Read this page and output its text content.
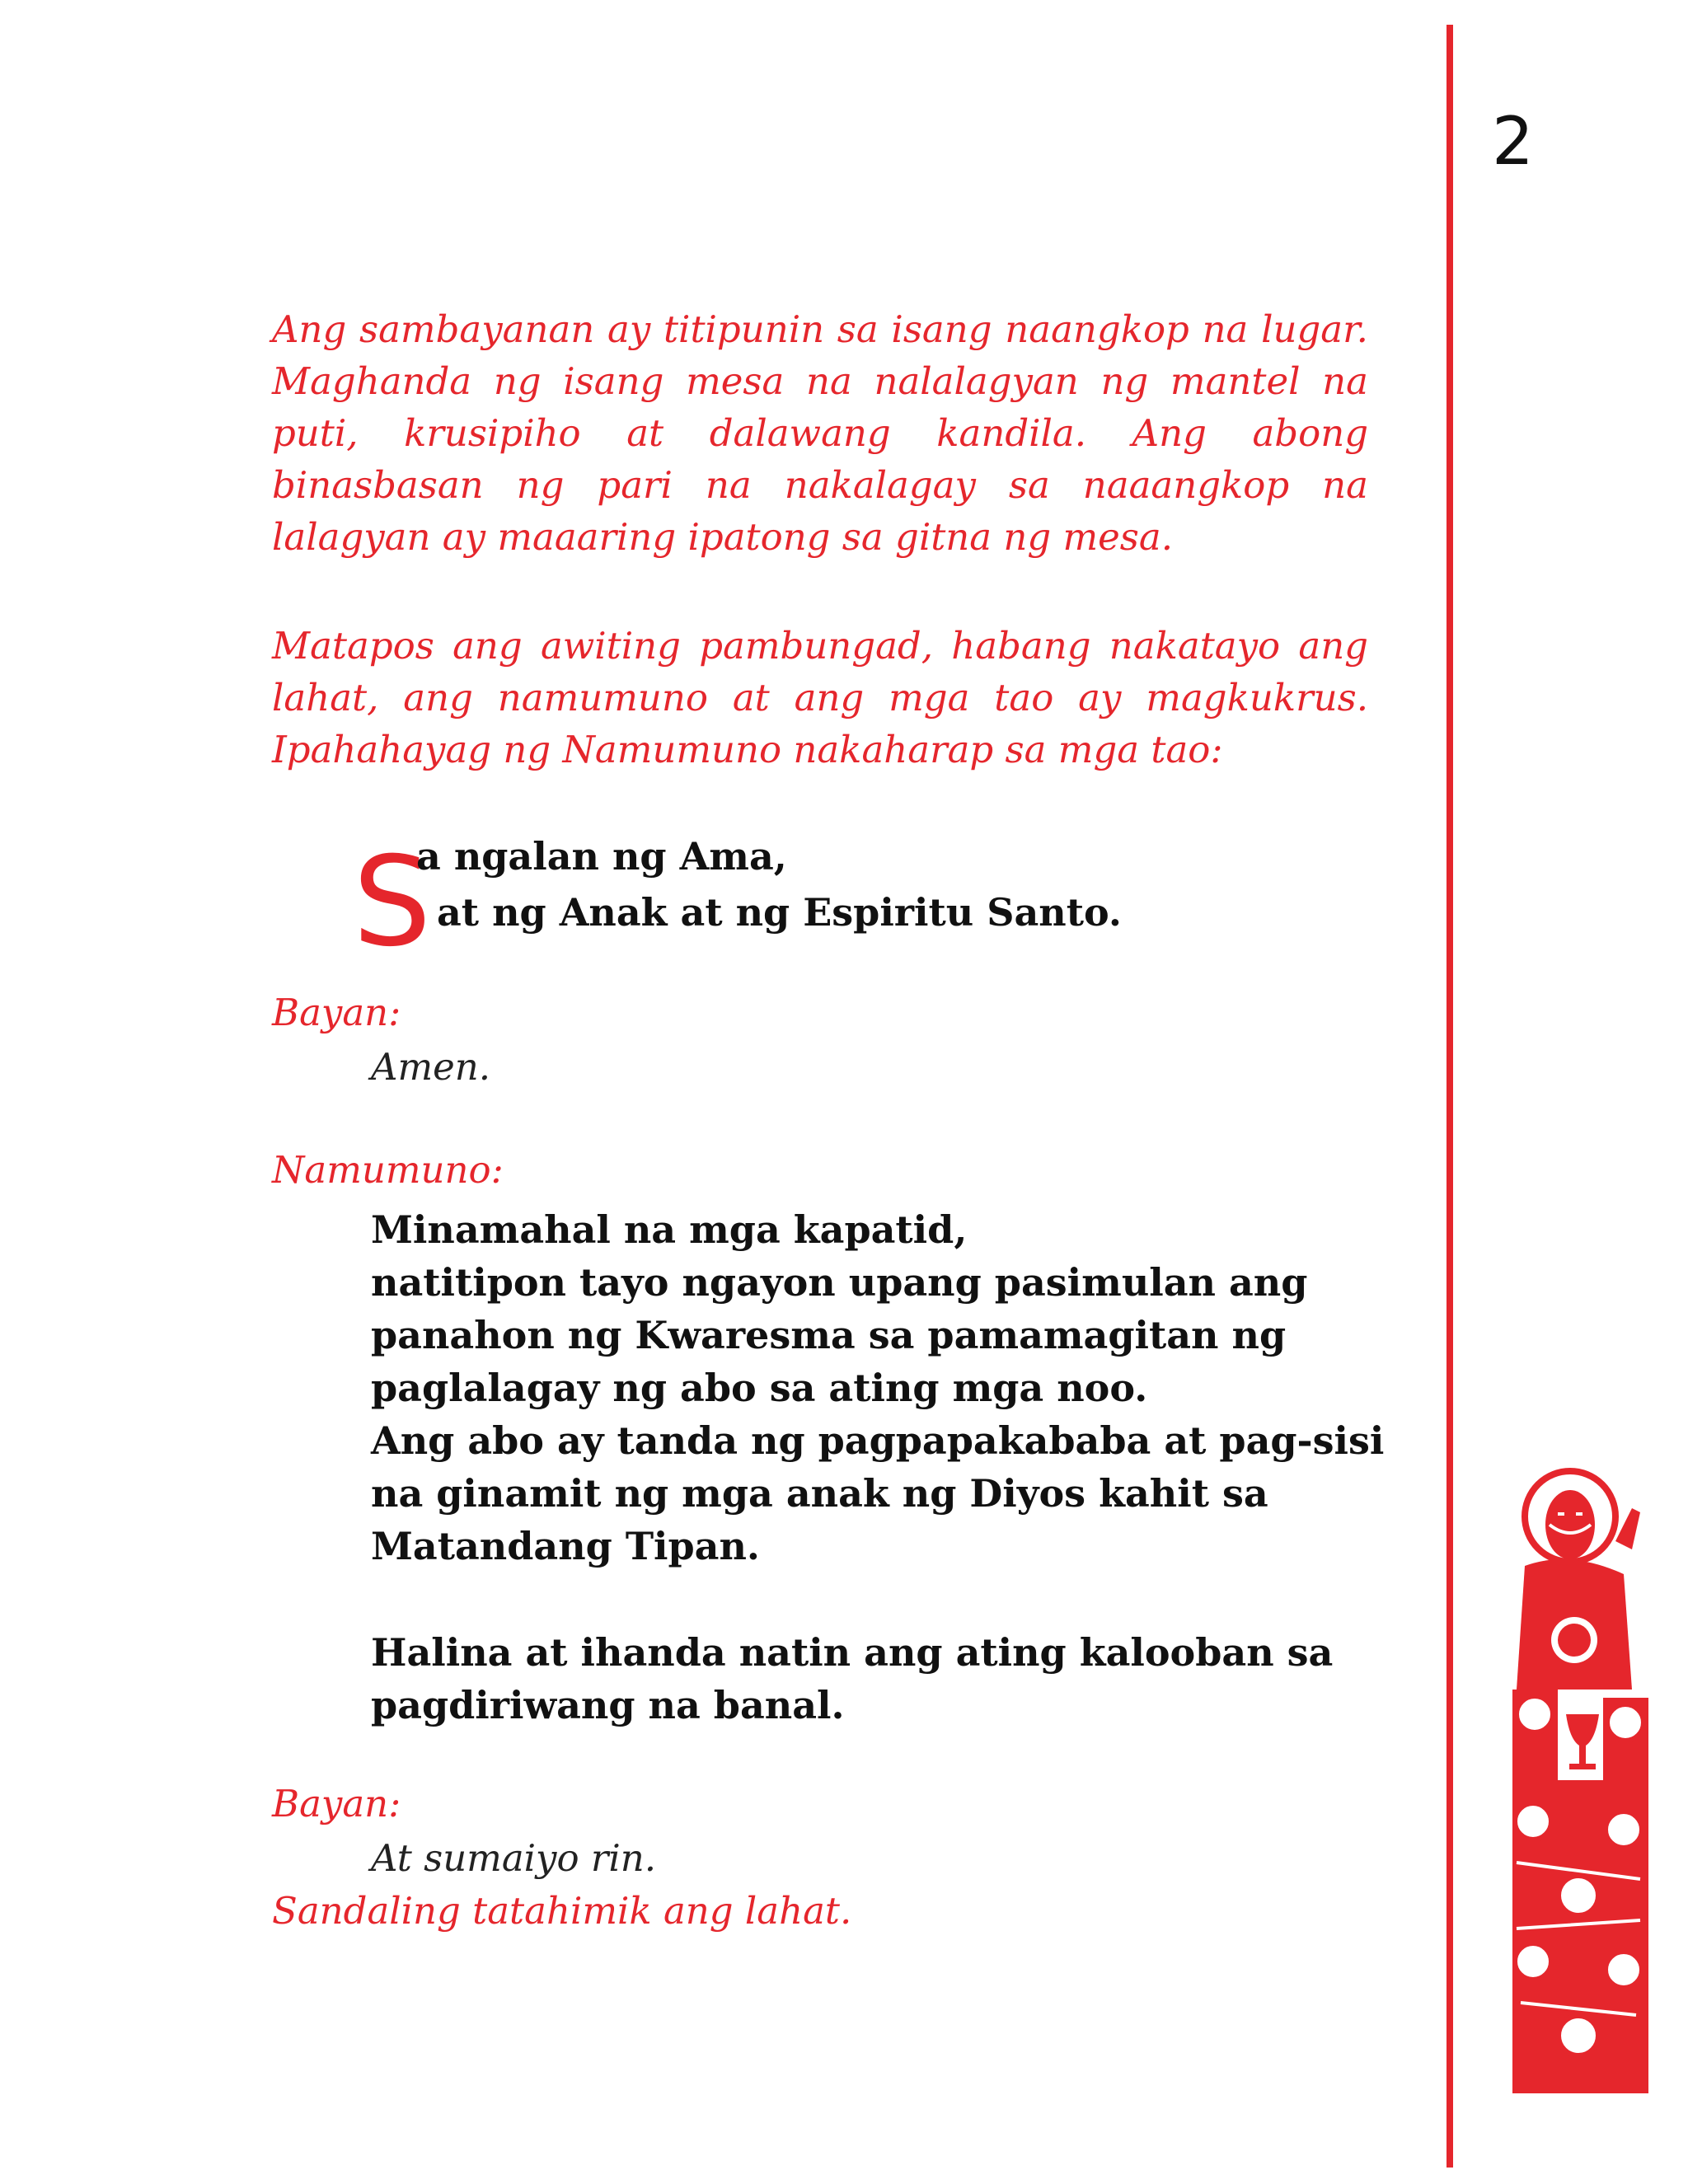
2

Ang sambayanan ay titipunin sa isang naangkop na lugar. Maghanda ng isang mesa na nalalagyan ng mantel na puti, krusipiho at dalawang kandila. Ang abong binasbasan ng pari na nakalagay sa naaangkop na lalagyan ay maaaring ipatong sa gitna ng mesa.

Matapos ang awiting pambungad, habang nakatayo ang lahat, ang namumuno at ang mga tao ay magkukrus. Ipahahayag ng Namumuno nakaharap sa mga tao:

S
a ngalan ng Ama,
at ng Anak at ng Espiritu Santo.
Bayan:
Amen.
Namumuno:

Minamahal na mga kapatid,

natitipon tayo ngayon upang pasimulan ang

panahon ng Kwaresma sa pamamagitan ng

paglalagay ng abo sa ating mga noo.

Ang abo ay tanda ng pagpapakababa at pag-sisi

na ginamit ng mga anak ng Diyos kahit sa

Matandang Tipan.

Halina at ihanda natin ang ating kalooban sa

pagdiriwang na banal.

Bayan:
At sumaiyo rin.
Sandaling tatahimik ang lahat.
